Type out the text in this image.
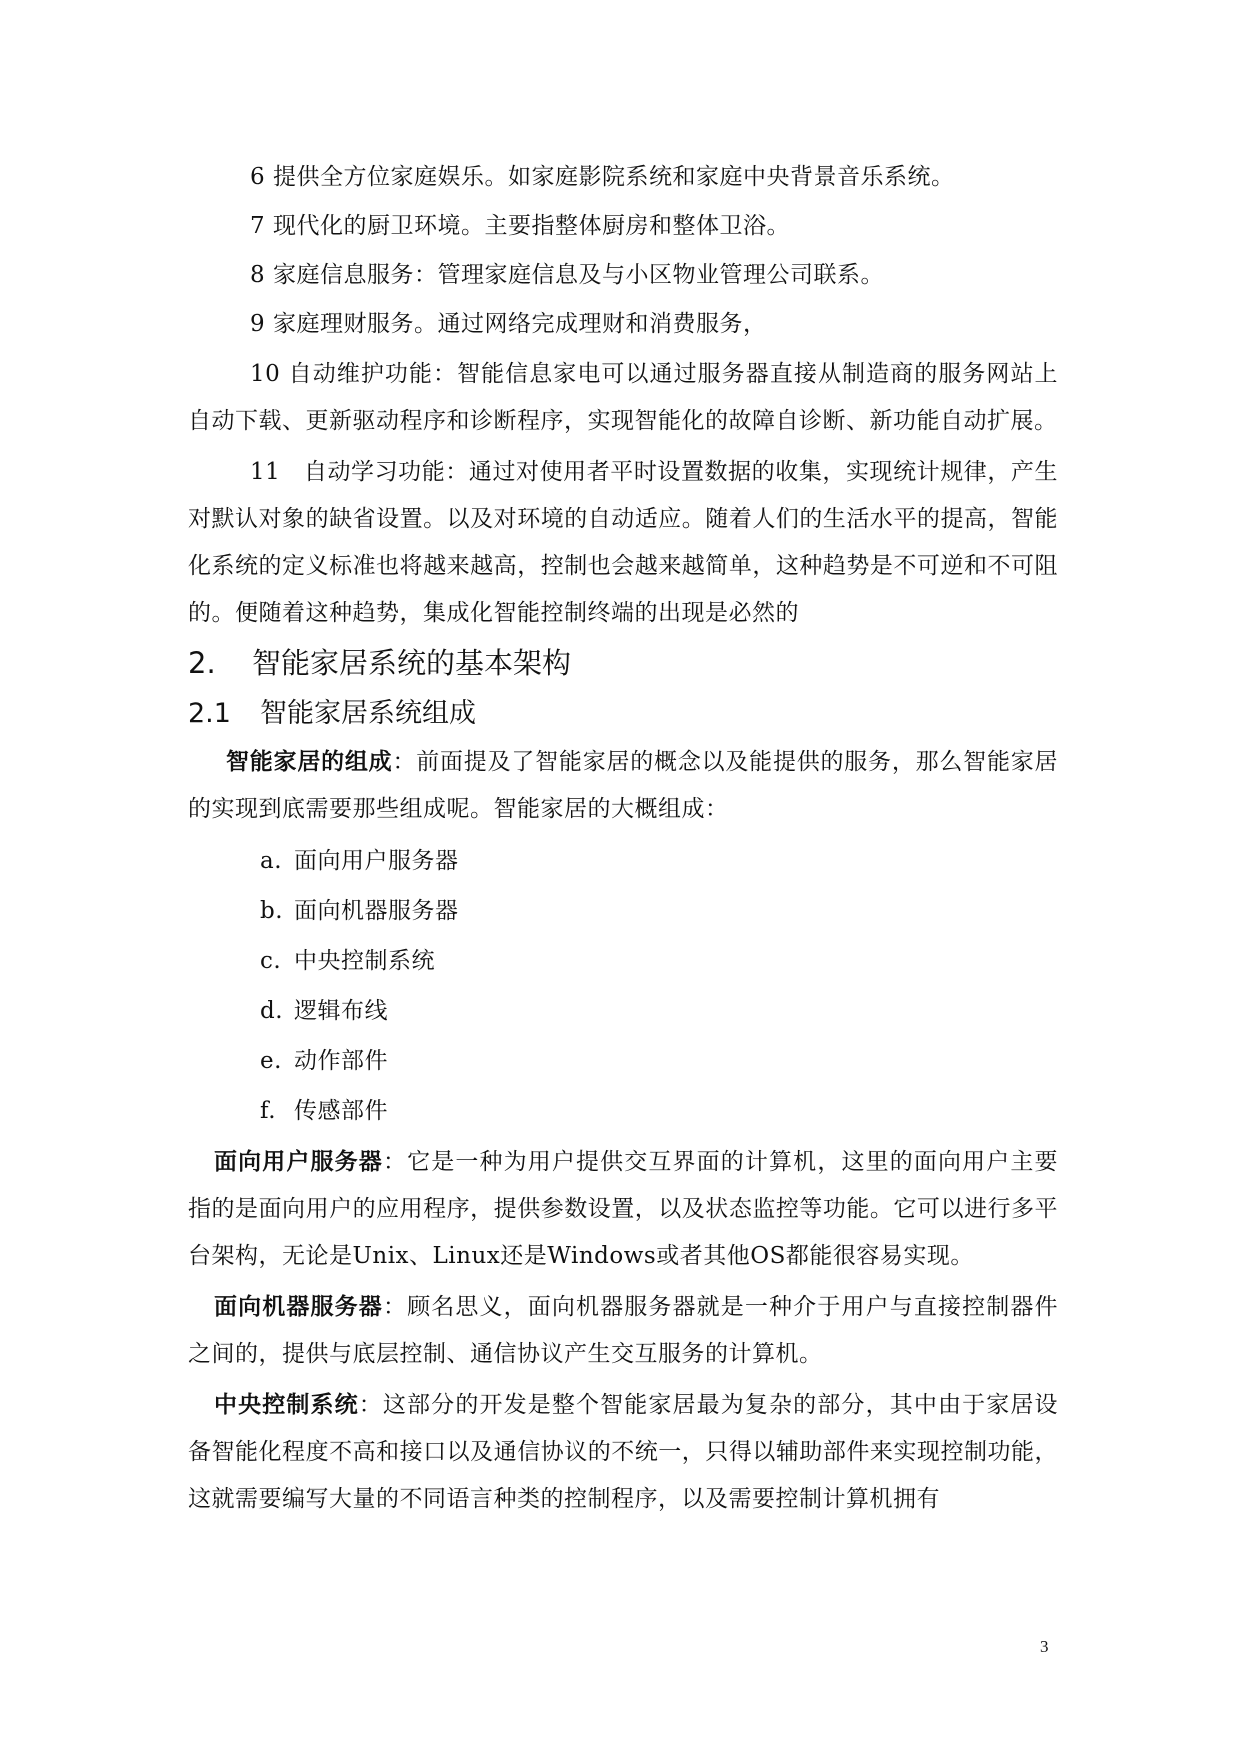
6 提供全方位家庭娱乐。如家庭影院系统和家庭中央背景音乐系统。

7 现代化的厨卫环境。主要指整体厨房和整体卫浴。

8 家庭信息服务：管理家庭信息及与小区物业管理公司联系。

9 家庭理财服务。通过网络完成理财和消费服务，

10 自动维护功能：智能信息家电可以通过服务器直接从制造商的服务网站上自动下载、更新驱动程序和诊断程序，实现智能化的故障自诊断、新功能自动扩展。

11　自动学习功能：通过对使用者平时设置数据的收集，实现统计规律，产生对默认对象的缺省设置。以及对环境的自动适应。随着人们的生活水平的提高，智能化系统的定义标准也将越来越高，控制也会越来越简单，这种趋势是不可逆和不可阻的。便随着这种趋势，集成化智能控制终端的出现是必然的

2. 智能家居系统的基本架构
2.1 智能家居系统组成

智能家居的组成：前面提及了智能家居的概念以及能提供的服务，那么智能家居的实现到底需要那些组成呢。智能家居的大概组成：

a. 面向用户服务器

b. 面向机器服务器

c. 中央控制系统

d. 逻辑布线

e. 动作部件

f. 传感部件

面向用户服务器：它是一种为用户提供交互界面的计算机，这里的面向用户主要指的是面向用户的应用程序，提供参数设置，以及状态监控等功能。它可以进行多平台架构，无论是Unix、Linux还是Windows或者其他OS都能很容易实现。

面向机器服务器：顾名思义，面向机器服务器就是一种介于用户与直接控制器件之间的，提供与底层控制、通信协议产生交互服务的计算机。

中央控制系统：这部分的开发是整个智能家居最为复杂的部分，其中由于家居设备智能化程度不高和接口以及通信协议的不统一，只得以辅助部件来实现控制功能，这就需要编写大量的不同语言种类的控制程序，以及需要控制计算机拥有

3
